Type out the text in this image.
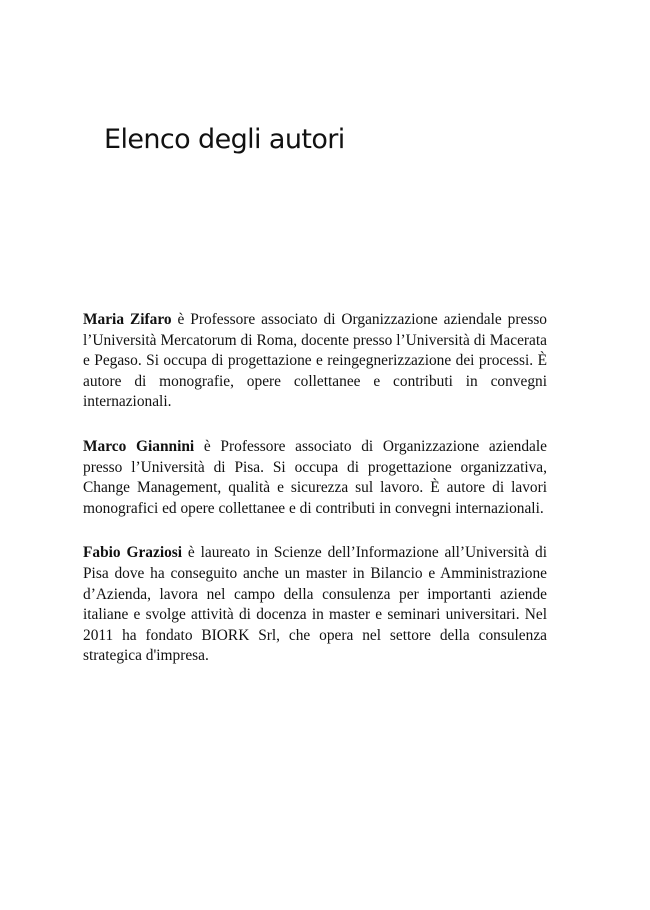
Elenco degli autori

Maria Zifaro è Professore associato di Organizzazione aziendale presso l’Università Mercatorum di Roma, docente presso l’Università di Macerata e Pegaso. Si occupa di progettazione e reingegnerizzazione dei processi. È autore di monografie, opere collettanee e contributi in convegni internazionali.

Marco Giannini è Professore associato di Organizzazione aziendale presso l’Università di Pisa. Si occupa di progettazione organizzativa, Change Management, qualità e sicurezza sul lavoro. È autore di lavori monografici ed opere collettanee e di contributi in convegni internazionali.

Fabio Graziosi è laureato in Scienze dell’Informazione all’Università di Pisa dove ha conseguito anche un master in Bilancio e Amministrazione d’Azienda, lavora nel campo della consulenza per importanti aziende italiane e svolge attività di docenza in master e seminari universitari. Nel 2011 ha fondato BIORK Srl, che opera nel settore della consulenza strategica d'impresa.
